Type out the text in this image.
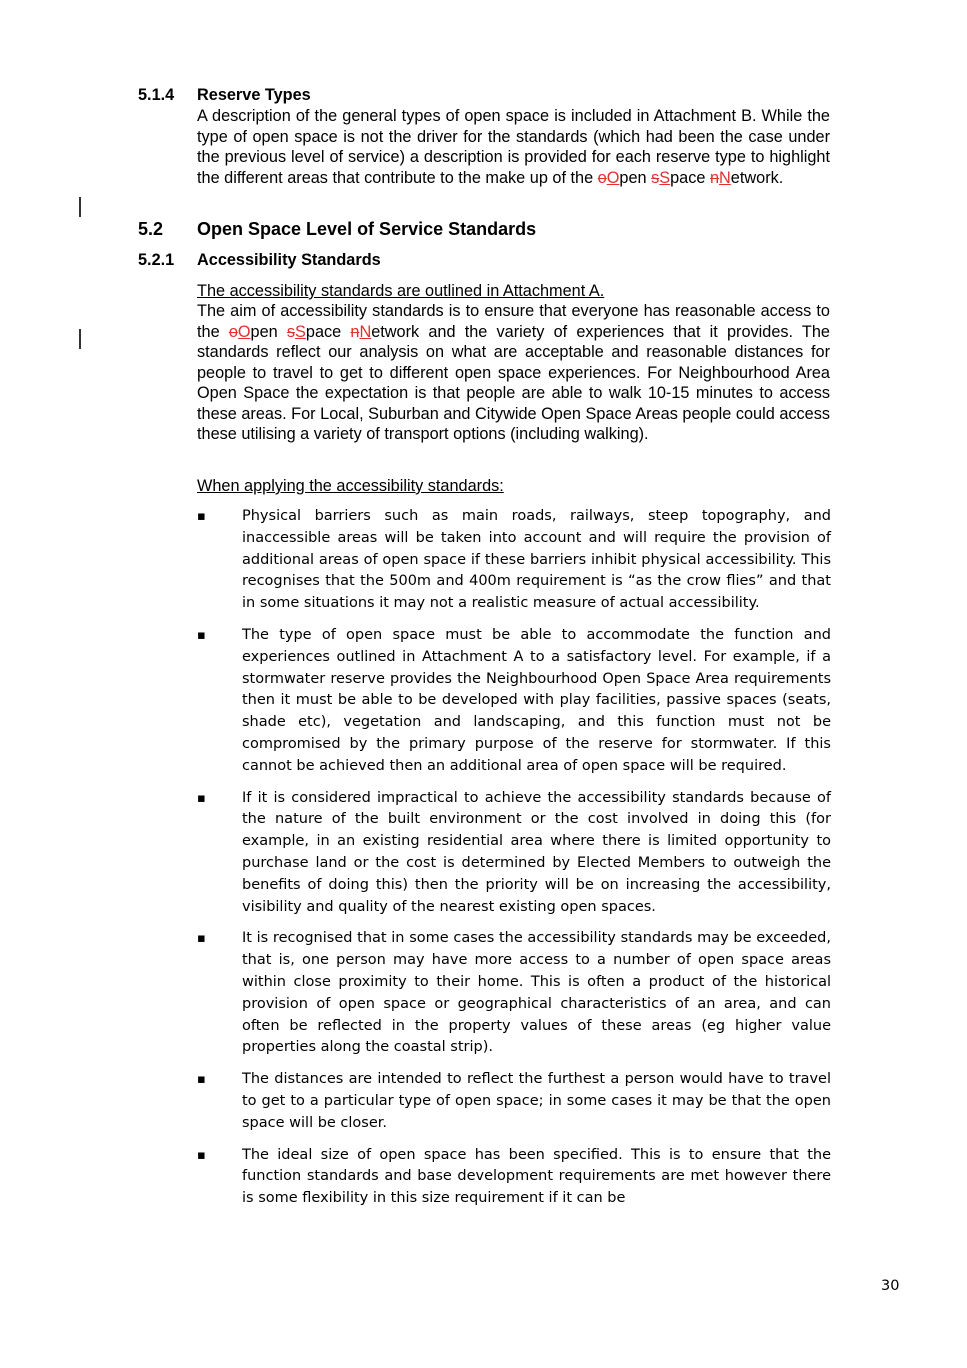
5.1.4 Reserve Types
A description of the general types of open space is included in Attachment B. While the type of open space is not the driver for the standards (which had been the case under the previous level of service) a description is provided for each reserve type to highlight the different areas that contribute to the make up of the oOpen sSpace nNetwork.
5.2 Open Space Level of Service Standards
5.2.1 Accessibility Standards
The accessibility standards are outlined in Attachment A.
The aim of accessibility standards is to ensure that everyone has reasonable access to the oOpen sSpace nNetwork and the variety of experiences that it provides. The standards reflect our analysis on what are acceptable and reasonable distances for people to travel to get to different open space experiences. For Neighbourhood Area Open Space the expectation is that people are able to walk 10-15 minutes to access these areas. For Local, Suburban and Citywide Open Space Areas people could access these utilising a variety of transport options (including walking).
When applying the accessibility standards:
▪ Physical barriers such as main roads, railways, steep topography, and inaccessible areas will be taken into account and will require the provision of additional areas of open space if these barriers inhibit physical accessibility. This recognises that the 500m and 400m requirement is “as the crow flies” and that in some situations it may not a realistic measure of actual accessibility.
▪ The type of open space must be able to accommodate the function and experiences outlined in Attachment A to a satisfactory level. For example, if a stormwater reserve provides the Neighbourhood Open Space Area requirements then it must be able to be developed with play facilities, passive spaces (seats, shade etc), vegetation and landscaping, and this function must not be compromised by the primary purpose of the reserve for stormwater. If this cannot be achieved then an additional area of open space will be required.
▪ If it is considered impractical to achieve the accessibility standards because of the nature of the built environment or the cost involved in doing this (for example, in an existing residential area where there is limited opportunity to purchase land or the cost is determined by Elected Members to outweigh the benefits of doing this) then the priority will be on increasing the accessibility, visibility and quality of the nearest existing open spaces.
▪ It is recognised that in some cases the accessibility standards may be exceeded, that is, one person may have more access to a number of open space areas within close proximity to their home. This is often a product of the historical provision of open space or geographical characteristics of an area, and can often be reflected in the property values of these areas (eg higher value properties along the coastal strip).
▪ The distances are intended to reflect the furthest a person would have to travel to get to a particular type of open space; in some cases it may be that the open space will be closer.
▪ The ideal size of open space has been specified. This is to ensure that the function standards and base development requirements are met however there is some flexibility in this size requirement if it can be
30
